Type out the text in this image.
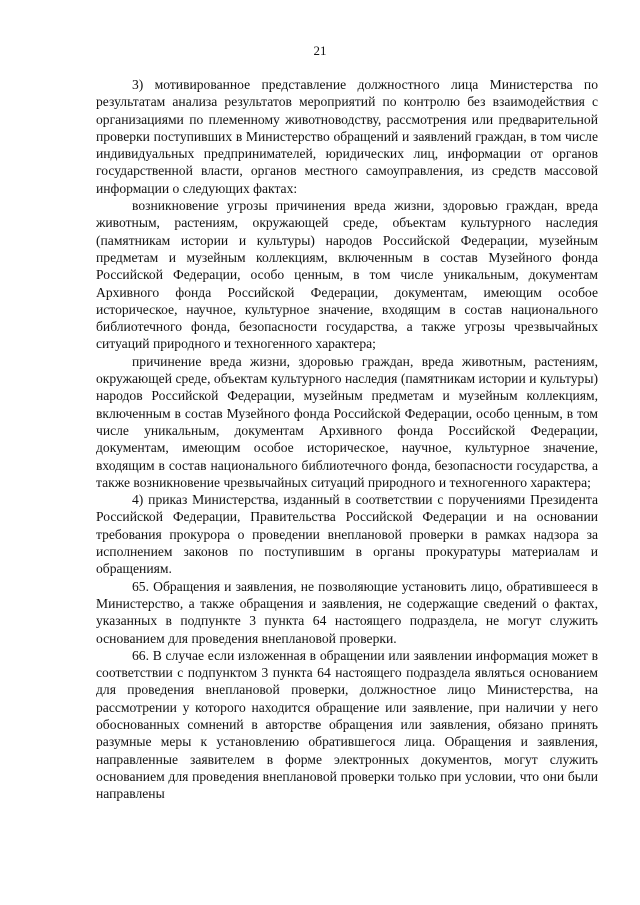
21

3) мотивированное представление должностного лица Министерства по результатам анализа результатов мероприятий по контролю без взаимодействия с организациями по племенному животноводству, рассмотрения или предварительной проверки поступивших в Министерство обращений и заявлений граждан, в том числе индивидуальных предпринимателей, юридических лиц, информации от органов государственной власти, органов местного самоуправления, из средств массовой информации о следующих фактах:

возникновение угрозы причинения вреда жизни, здоровью граждан, вреда животным, растениям, окружающей среде, объектам культурного наследия (памятникам истории и культуры) народов Российской Федерации, музейным предметам и музейным коллекциям, включенным в состав Музейного фонда Российской Федерации, особо ценным, в том числе уникальным, документам Архивного фонда Российской Федерации, документам, имеющим особое историческое, научное, культурное значение, входящим в состав национального библиотечного фонда, безопасности государства, а также угрозы чрезвычайных ситуаций природного и техногенного характера;

причинение вреда жизни, здоровью граждан, вреда животным, растениям, окружающей среде, объектам культурного наследия (памятникам истории и культуры) народов Российской Федерации, музейным предметам и музейным коллекциям, включенным в состав Музейного фонда Российской Федерации, особо ценным, в том числе уникальным, документам Архивного фонда Российской Федерации, документам, имеющим особое историческое, научное, культурное значение, входящим в состав национального библиотечного фонда, безопасности государства, а также возникновение чрезвычайных ситуаций природного и техногенного характера;

4) приказ Министерства, изданный в соответствии с поручениями Президента Российской Федерации, Правительства Российской Федерации и на основании требования прокурора о проведении внеплановой проверки в рамках надзора за исполнением законов по поступившим в органы прокуратуры материалам и обращениям.

65. Обращения и заявления, не позволяющие установить лицо, обратившееся в Министерство, а также обращения и заявления, не содержащие сведений о фактах, указанных в подпункте 3 пункта 64 настоящего подраздела, не могут служить основанием для проведения внеплановой проверки.

66. В случае если изложенная в обращении или заявлении информация может в соответствии с подпунктом 3 пункта 64 настоящего подраздела являться основанием для проведения внеплановой проверки, должностное лицо Министерства, на рассмотрении у которого находится обращение или заявление, при наличии у него обоснованных сомнений в авторстве обращения или заявления, обязано принять разумные меры к установлению обратившегося лица. Обращения и заявления, направленные заявителем в форме электронных документов, могут служить основанием для проведения внеплановой проверки только при условии, что они были направлены
